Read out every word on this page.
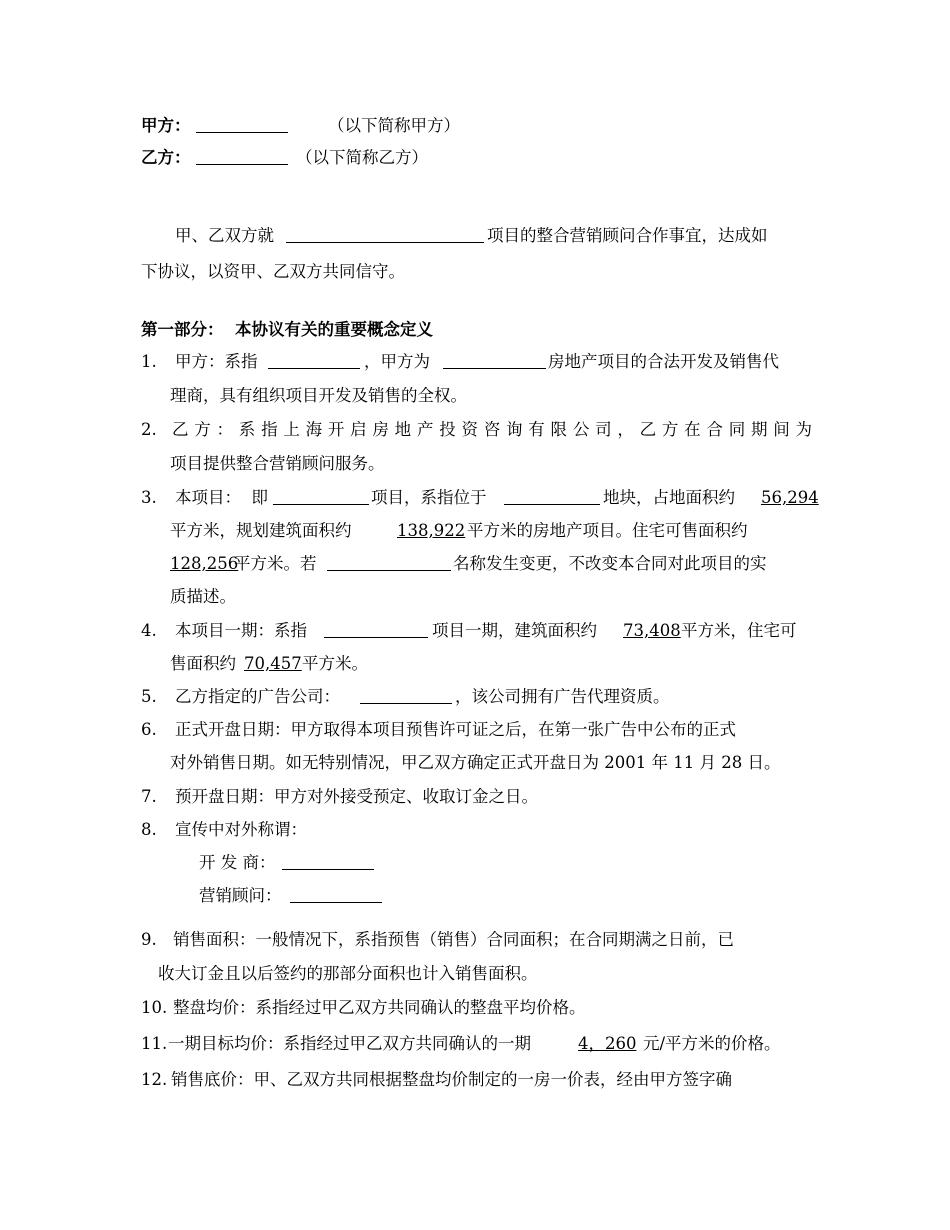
甲方：	（以下简称甲方）
乙方：	（以下简称乙方）
甲、乙双方就	项目的整合营销顾问合作事宜，达成如
下协议，以资甲、乙双方共同信守。
第一部分：  本协议有关的重要概念定义
1. 甲方：系指	，甲方为	房地产项目的合法开发及销售代
理商，具有组织项目开发及销售的全权。
2. 乙方：系指上海开启房地产投资咨询有限公司，乙方在合同期间为
项目提供整合营销顾问服务。
3. 本项目：  即	项目，系指位于	地块，占地面积约 56,294
平方米，规划建筑面积约	138,922 平方米的房地产项目。住宅可售面积约
128,256
平方米。若	名称发生变更，不改变本合同对此项目的实
质描述。
4. 本项目一期：系指	项目一期，建筑面积约 73,408 平方米，住宅可
售面积约 70,457 平方米。
5. 乙方指定的广告公司：	，该公司拥有广告代理资质。
6. 正式开盘日期：甲方取得本项目预售许可证之后，在第一张广告中公布的正式
对外销售日期。如无特别情况，甲乙双方确定正式开盘日为 2001 年 11 月 28 日。
7. 预开盘日期：甲方对外接受预定、收取订金之日。
8. 宣传中对外称谓：
开 发 商：
营销顾问：
9. 销售面积：一般情况下，系指预售（销售）合同面积；在合同期满之日前，已
收大订金且以后签约的那部分面积也计入销售面积。
10. 整盘均价：系指经过甲乙双方共同确认的整盘平均价格。
11. 一期目标均价：系指经过甲乙双方共同确认的一期	4，260 元/平方米的价格。
12. 销售底价：甲、乙双方共同根据整盘均价制定的一房一价表，经由甲方签字确
